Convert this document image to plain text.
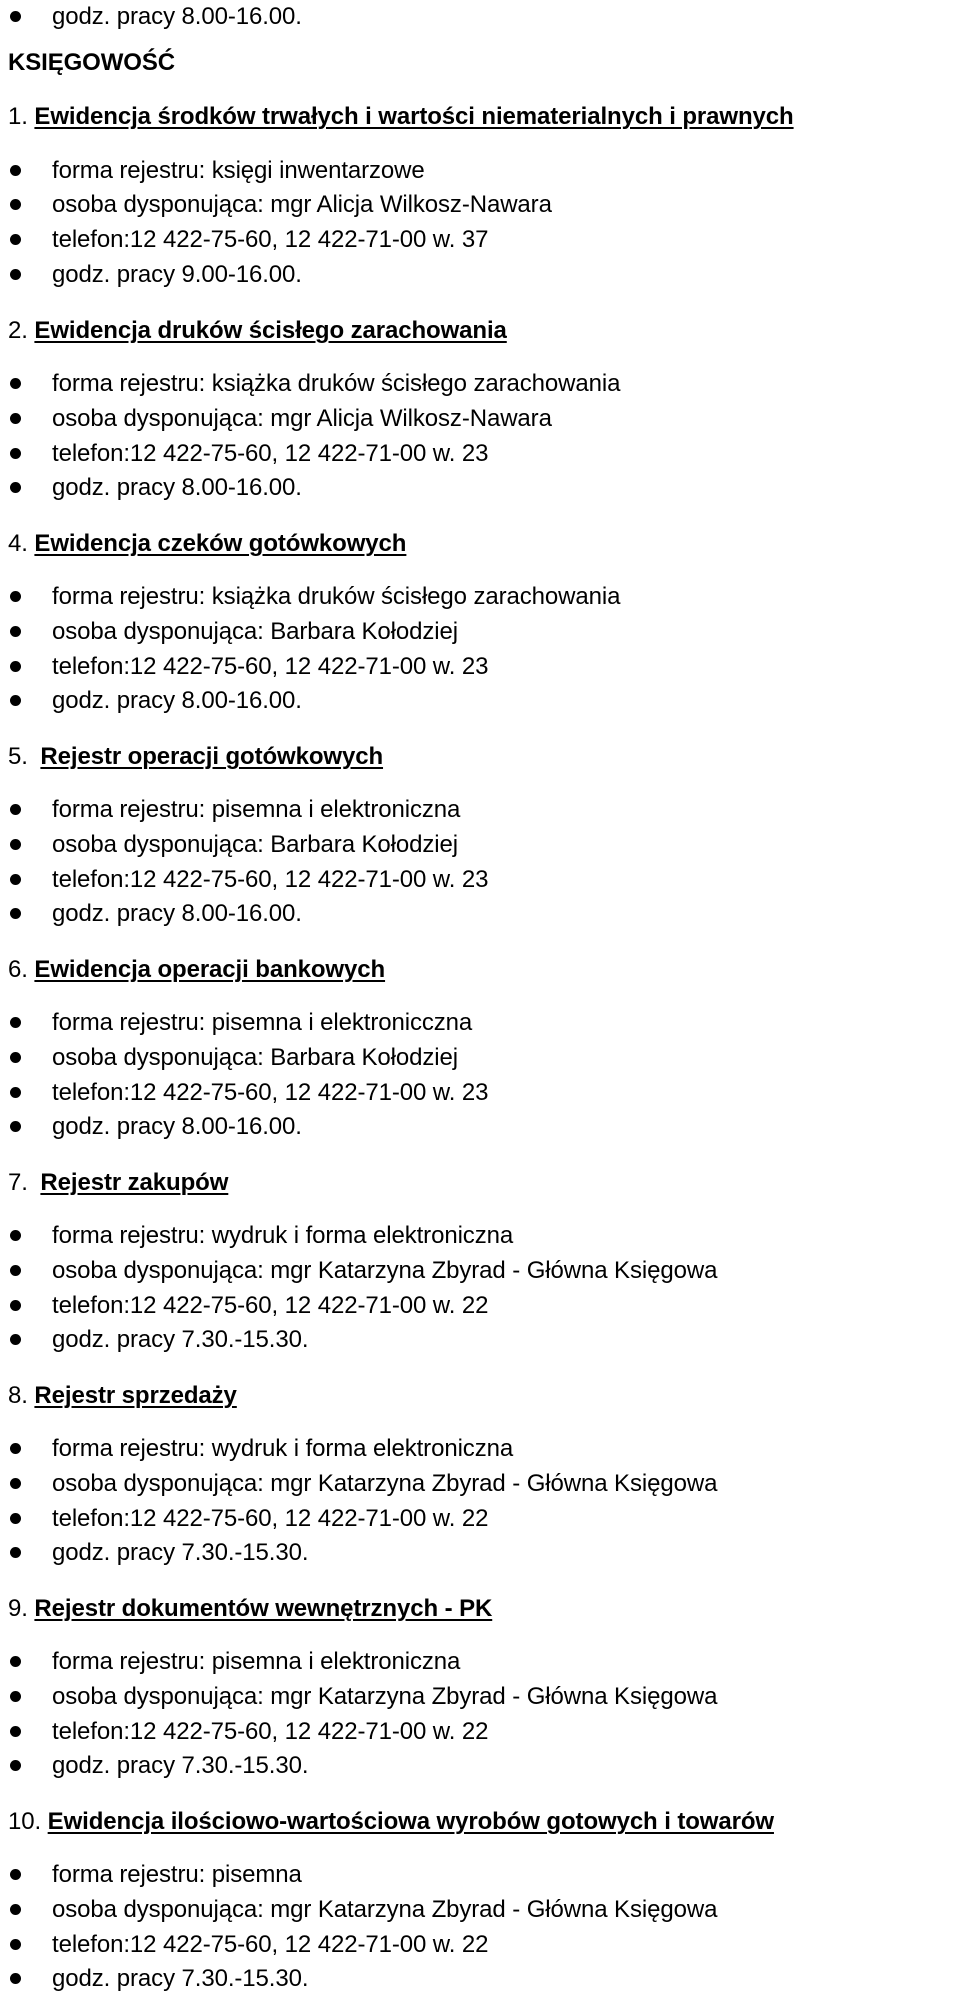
godz. pracy 8.00-16.00.
KSIĘGOWOŚĆ
1. Ewidencja środków trwałych i wartości niematerialnych i prawnych
forma rejestru: księgi inwentarzowe
osoba dysponująca: mgr Alicja Wilkosz-Nawara
telefon:12 422-75-60, 12 422-71-00 w. 37
godz. pracy 9.00-16.00.
2. Ewidencja druków ścisłego zarachowania
forma rejestru: książka druków ścisłego zarachowania
osoba dysponująca: mgr Alicja Wilkosz-Nawara
telefon:12 422-75-60, 12 422-71-00 w. 23
godz. pracy 8.00-16.00.
4. Ewidencja czeków gotówkowych
forma rejestru: książka druków ścisłego zarachowania
osoba dysponująca: Barbara Kołodziej
telefon:12 422-75-60, 12 422-71-00 w. 23
godz. pracy 8.00-16.00.
5. Rejestr operacji gotówkowych
forma rejestru: pisemna i elektroniczna
osoba dysponująca: Barbara Kołodziej
telefon:12 422-75-60, 12 422-71-00 w. 23
godz. pracy 8.00-16.00.
6. Ewidencja operacji bankowych
forma rejestru: pisemna i elektronicczna
osoba dysponująca: Barbara Kołodziej
telefon:12 422-75-60, 12 422-71-00 w. 23
godz. pracy 8.00-16.00.
7. Rejestr zakupów
forma rejestru: wydruk i forma elektroniczna
osoba dysponująca: mgr Katarzyna Zbyrad - Główna Księgowa
telefon:12 422-75-60, 12 422-71-00 w. 22
godz. pracy 7.30.-15.30.
8. Rejestr sprzedaży
forma rejestru: wydruk i forma elektroniczna
osoba dysponująca: mgr Katarzyna Zbyrad - Główna Księgowa
telefon:12 422-75-60, 12 422-71-00 w. 22
godz. pracy 7.30.-15.30.
9. Rejestr dokumentów wewnętrznych - PK
forma rejestru: pisemna i elektroniczna
osoba dysponująca: mgr Katarzyna Zbyrad - Główna Księgowa
telefon:12 422-75-60, 12 422-71-00 w. 22
godz. pracy 7.30.-15.30.
10. Ewidencja ilościowo-wartościowa wyrobów gotowych i towarów
forma rejestru: pisemna
osoba dysponująca: mgr Katarzyna Zbyrad - Główna Księgowa
telefon:12 422-75-60, 12 422-71-00 w. 22
godz. pracy 7.30.-15.30.
